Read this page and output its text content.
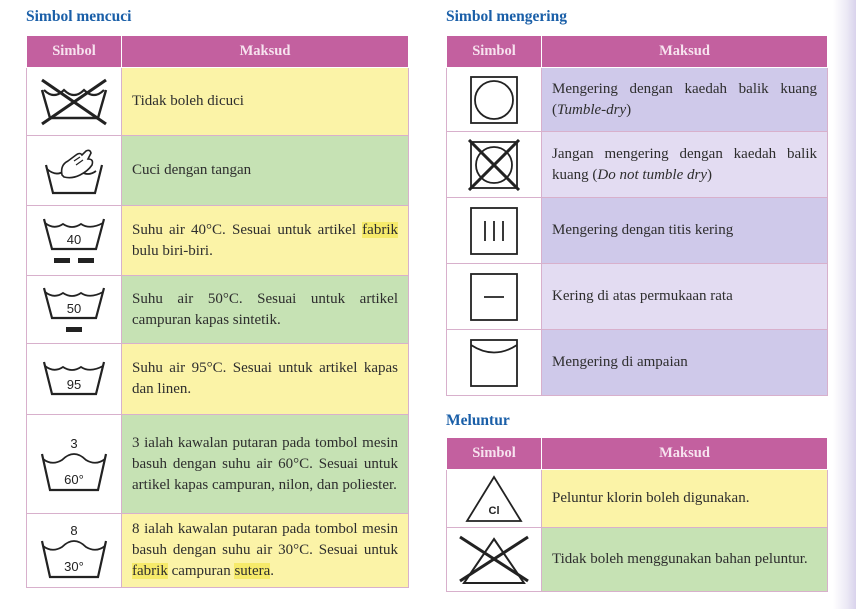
Simbol mencuci
Simbol	Maksud

	Tidak boleh dicuci

	Cuci dengan tangan

40	Suhu air 40°C. Sesuai untuk artikel fabrik bulu biri-biri.

50	Suhu air 50°C. Sesuai untuk artikel campuran kapas sintetik.

95	Suhu air 95°C. Sesuai untuk artikel kapas dan linen.

3
60°	3 ialah kawalan putaran pada tombol mesin basuh dengan suhu air 60°C. Sesuai untuk artikel kapas campuran, nilon, dan poliester.

8
30°	8 ialah kawalan putaran pada tombol mesin basuh dengan suhu air 30°C. Sesuai untuk fabrik campuran sutera.
Simbol mengering
Simbol	Maksud

	Mengering dengan kaedah balik kuang (Tumble-dry)

	Jangan mengering dengan kaedah balik kuang (Do not tumble dry)

	Mengering dengan titis kering

	Kering di atas permukaan rata

	Mengering di ampaian
Meluntur
Simbol	Maksud

Cl	Peluntur klorin boleh digunakan.

	Tidak boleh menggunakan bahan peluntur.
